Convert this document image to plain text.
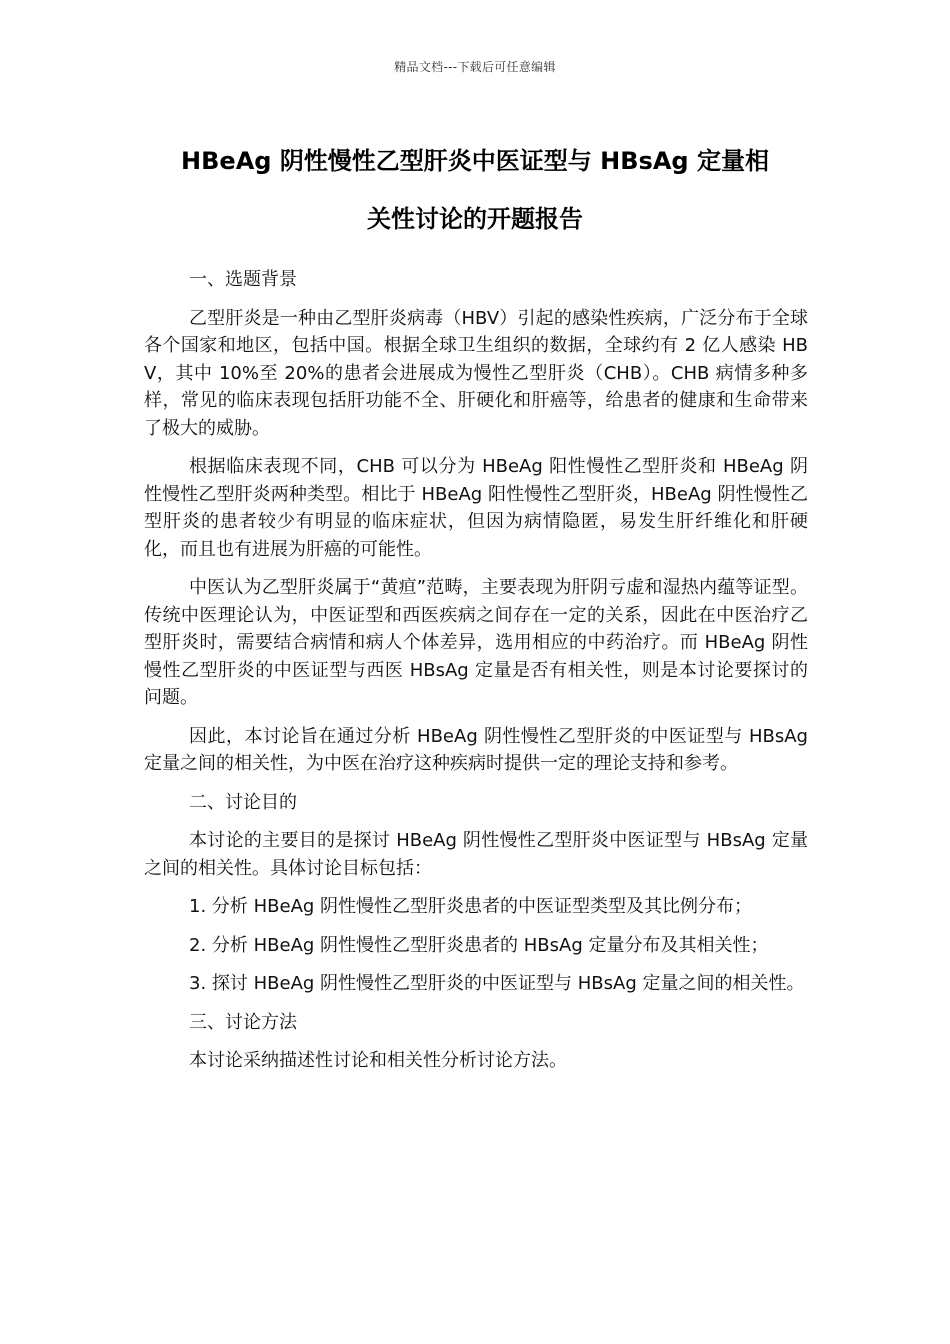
精品文档---下载后可任意编辑
HBeAg 阴性慢性乙型肝炎中医证型与 HBsAg 定量相
关性讨论的开题报告

一、选题背景

乙型肝炎是一种由乙型肝炎病毒（HBV）引起的感染性疾病，广泛分布于全球各个国家和地区，包括中国。根据全球卫生组织的数据，全球约有 2 亿人感染 HBV，其中 10%至 20%的患者会进展成为慢性乙型肝炎（CHB）。CHB 病情多种多样，常见的临床表现包括肝功能不全、肝硬化和肝癌等，给患者的健康和生命带来了极大的威胁。

根据临床表现不同，CHB 可以分为 HBeAg 阳性慢性乙型肝炎和 HBeAg 阴性慢性乙型肝炎两种类型。相比于 HBeAg 阳性慢性乙型肝炎，HBeAg 阴性慢性乙型肝炎的患者较少有明显的临床症状，但因为病情隐匿，易发生肝纤维化和肝硬化，而且也有进展为肝癌的可能性。

中医认为乙型肝炎属于“黄疸”范畴，主要表现为肝阴亏虚和湿热内蕴等证型。传统中医理论认为，中医证型和西医疾病之间存在一定的关系，因此在中医治疗乙型肝炎时，需要结合病情和病人个体差异，选用相应的中药治疗。而 HBeAg 阴性慢性乙型肝炎的中医证型与西医 HBsAg 定量是否有相关性，则是本讨论要探讨的问题。

因此，本讨论旨在通过分析 HBeAg 阴性慢性乙型肝炎的中医证型与 HBsAg 定量之间的相关性，为中医在治疗这种疾病时提供一定的理论支持和参考。

二、讨论目的

本讨论的主要目的是探讨 HBeAg 阴性慢性乙型肝炎中医证型与 HBsAg 定量之间的相关性。具体讨论目标包括：

1. 分析 HBeAg 阴性慢性乙型肝炎患者的中医证型类型及其比例分布；

2. 分析 HBeAg 阴性慢性乙型肝炎患者的 HBsAg 定量分布及其相关性；

3. 探讨 HBeAg 阴性慢性乙型肝炎的中医证型与 HBsAg 定量之间的相关性。

三、讨论方法

本讨论采纳描述性讨论和相关性分析讨论方法。
